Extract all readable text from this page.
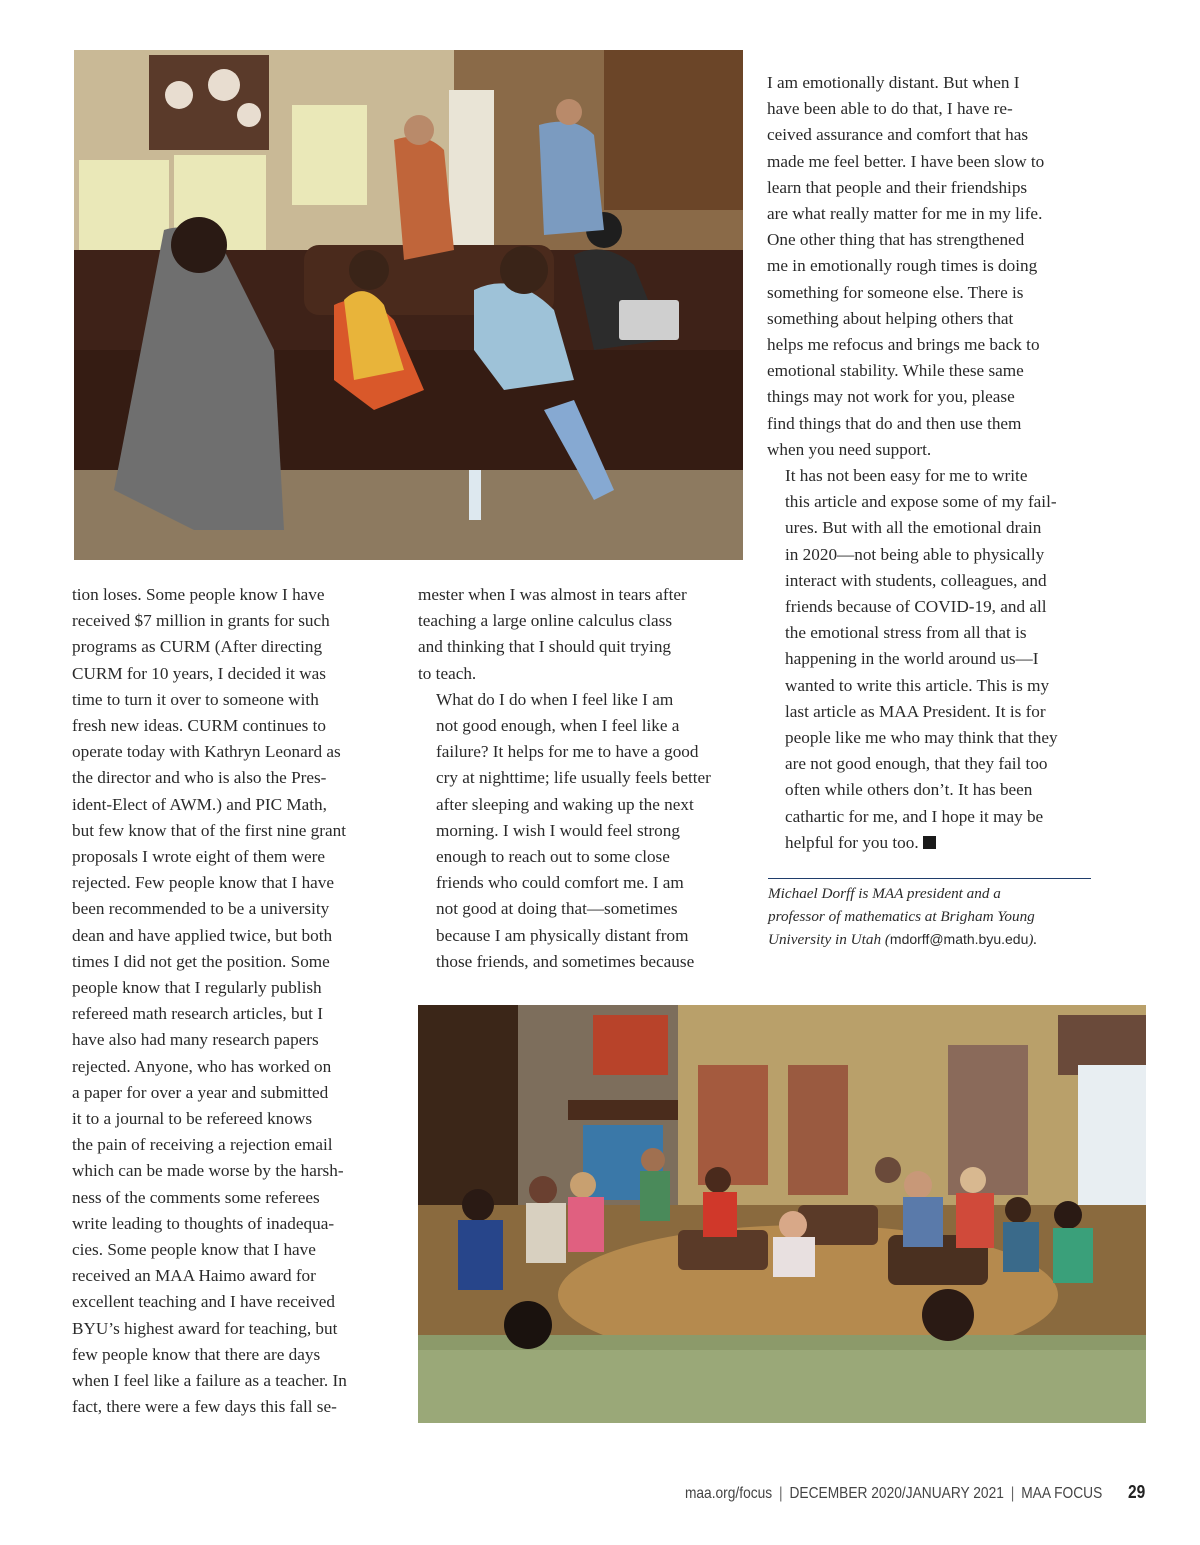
tion loses. Some people know I have
received $7 million in grants for such
programs as CURM (After directing
CURM for 10 years, I decided it was
time to turn it over to someone with
fresh new ideas. CURM continues to
operate today with Kathryn Leonard as
the director and who is also the Pres-
ident-Elect of AWM.) and PIC Math,
but few know that of the first nine grant
proposals I wrote eight of them were
rejected. Few people know that I have
been recommended to be a university
dean and have applied twice, but both
times I did not get the position. Some
people know that I regularly publish
refereed math research articles, but I
have also had many research papers
rejected. Anyone, who has worked on
a paper for over a year and submitted
it to a journal to be refereed knows
the pain of receiving a rejection email
which can be made worse by the harsh-
ness of the comments some referees
write leading to thoughts of inadequa-
cies. Some people know that I have
received an MAA Haimo award for
excellent teaching and I have received
BYU’s highest award for teaching, but
few people know that there are days
when I feel like a failure as a teacher. In
fact, there were a few days this fall se-

mester when I was almost in tears after
teaching a large online calculus class
and thinking that I should quit trying
to teach.

What do I do when I feel like I am
not good enough, when I feel like a
failure? It helps for me to have a good
cry at nighttime; life usually feels better
after sleeping and waking up the next
morning. I wish I would feel strong
enough to reach out to some close
friends who could comfort me. I am
not good at doing that—sometimes
because I am physically distant from
those friends, and sometimes because

I am emotionally distant. But when I
have been able to do that, I have re-
ceived assurance and comfort that has
made me feel better. I have been slow to
learn that people and their friendships
are what really matter for me in my life.
One other thing that has strengthened
me in emotionally rough times is doing
something for someone else. There is
something about helping others that
helps me refocus and brings me back to
emotional stability. While these same
things may not work for you, please
find things that do and then use them
when you need support.

It has not been easy for me to write
this article and expose some of my fail-
ures. But with all the emotional drain
in 2020—not being able to physically
interact with students, colleagues, and
friends because of COVID-19, and all
the emotional stress from all that is
happening in the world around us—I
wanted to write this article. This is my
last article as MAA President. It is for
people like me who may think that they
are not good enough, that they fail too
often while others don’t. It has been
cathartic for me, and I hope it may be
helpful for you too.

Michael Dorff is MAA president and a
professor of mathematics at Brigham Young
University in Utah (mdorff@math.byu.edu).
maa.org/focus | DECEMBER 2020/JANUARY 2021 | MAA FOCUS 29
